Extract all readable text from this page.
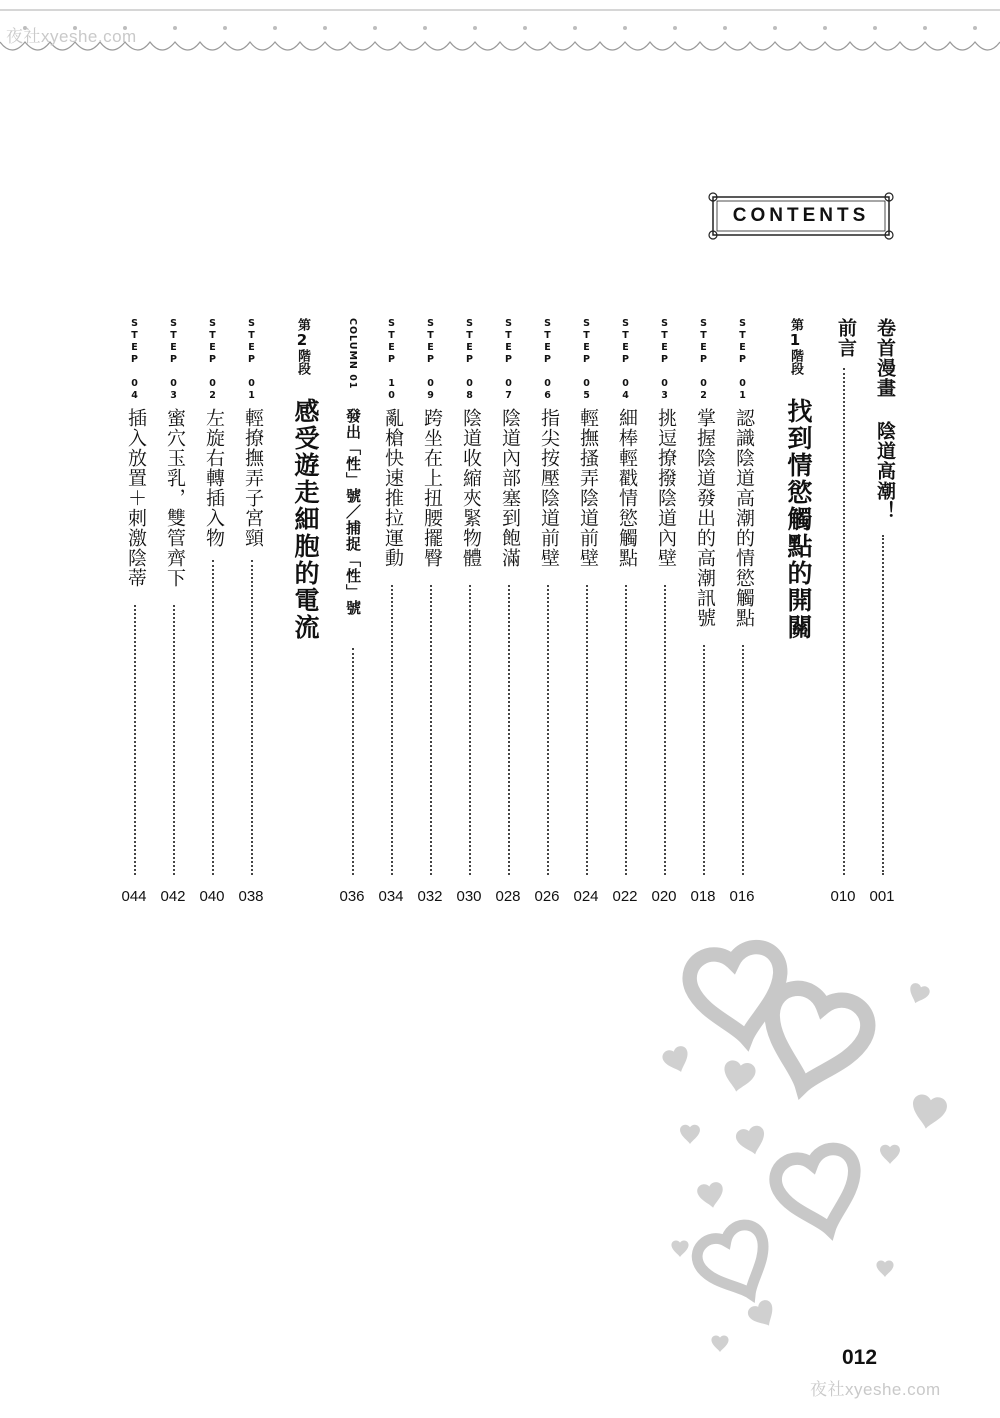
夜社xyeshe.com
CONTENTS
卷首漫畫 陰道高潮！
001
前言
010
第1階段
找到情慾觸點的開關
STEP 01
認識陰道高潮的情慾觸點
016
STEP 02
掌握陰道發出的高潮訊號
018
STEP 03
挑逗撩撥陰道內壁
020
STEP 04
細棒輕戳情慾觸點
022
STEP 05
輕撫搔弄陰道前壁
024
STEP 06
指尖按壓陰道前壁
026
STEP 07
陰道內部塞到飽滿
028
STEP 08
陰道收縮夾緊物體
030
STEP 09
跨坐在上扭腰擺臀
032
STEP 10
亂槍快速推拉運動
034
COLUMN 01
發出「性」號／捕捉「性」號
036
第2階段
感受遊走細胞的電流
STEP 01
輕撩撫弄子宮頸
038
STEP 02
左旋右轉插入物
040
STEP 03
蜜穴玉乳，雙管齊下
042
STEP 04
插入放置＋刺激陰蒂
044
012
夜社xyeshe.com
